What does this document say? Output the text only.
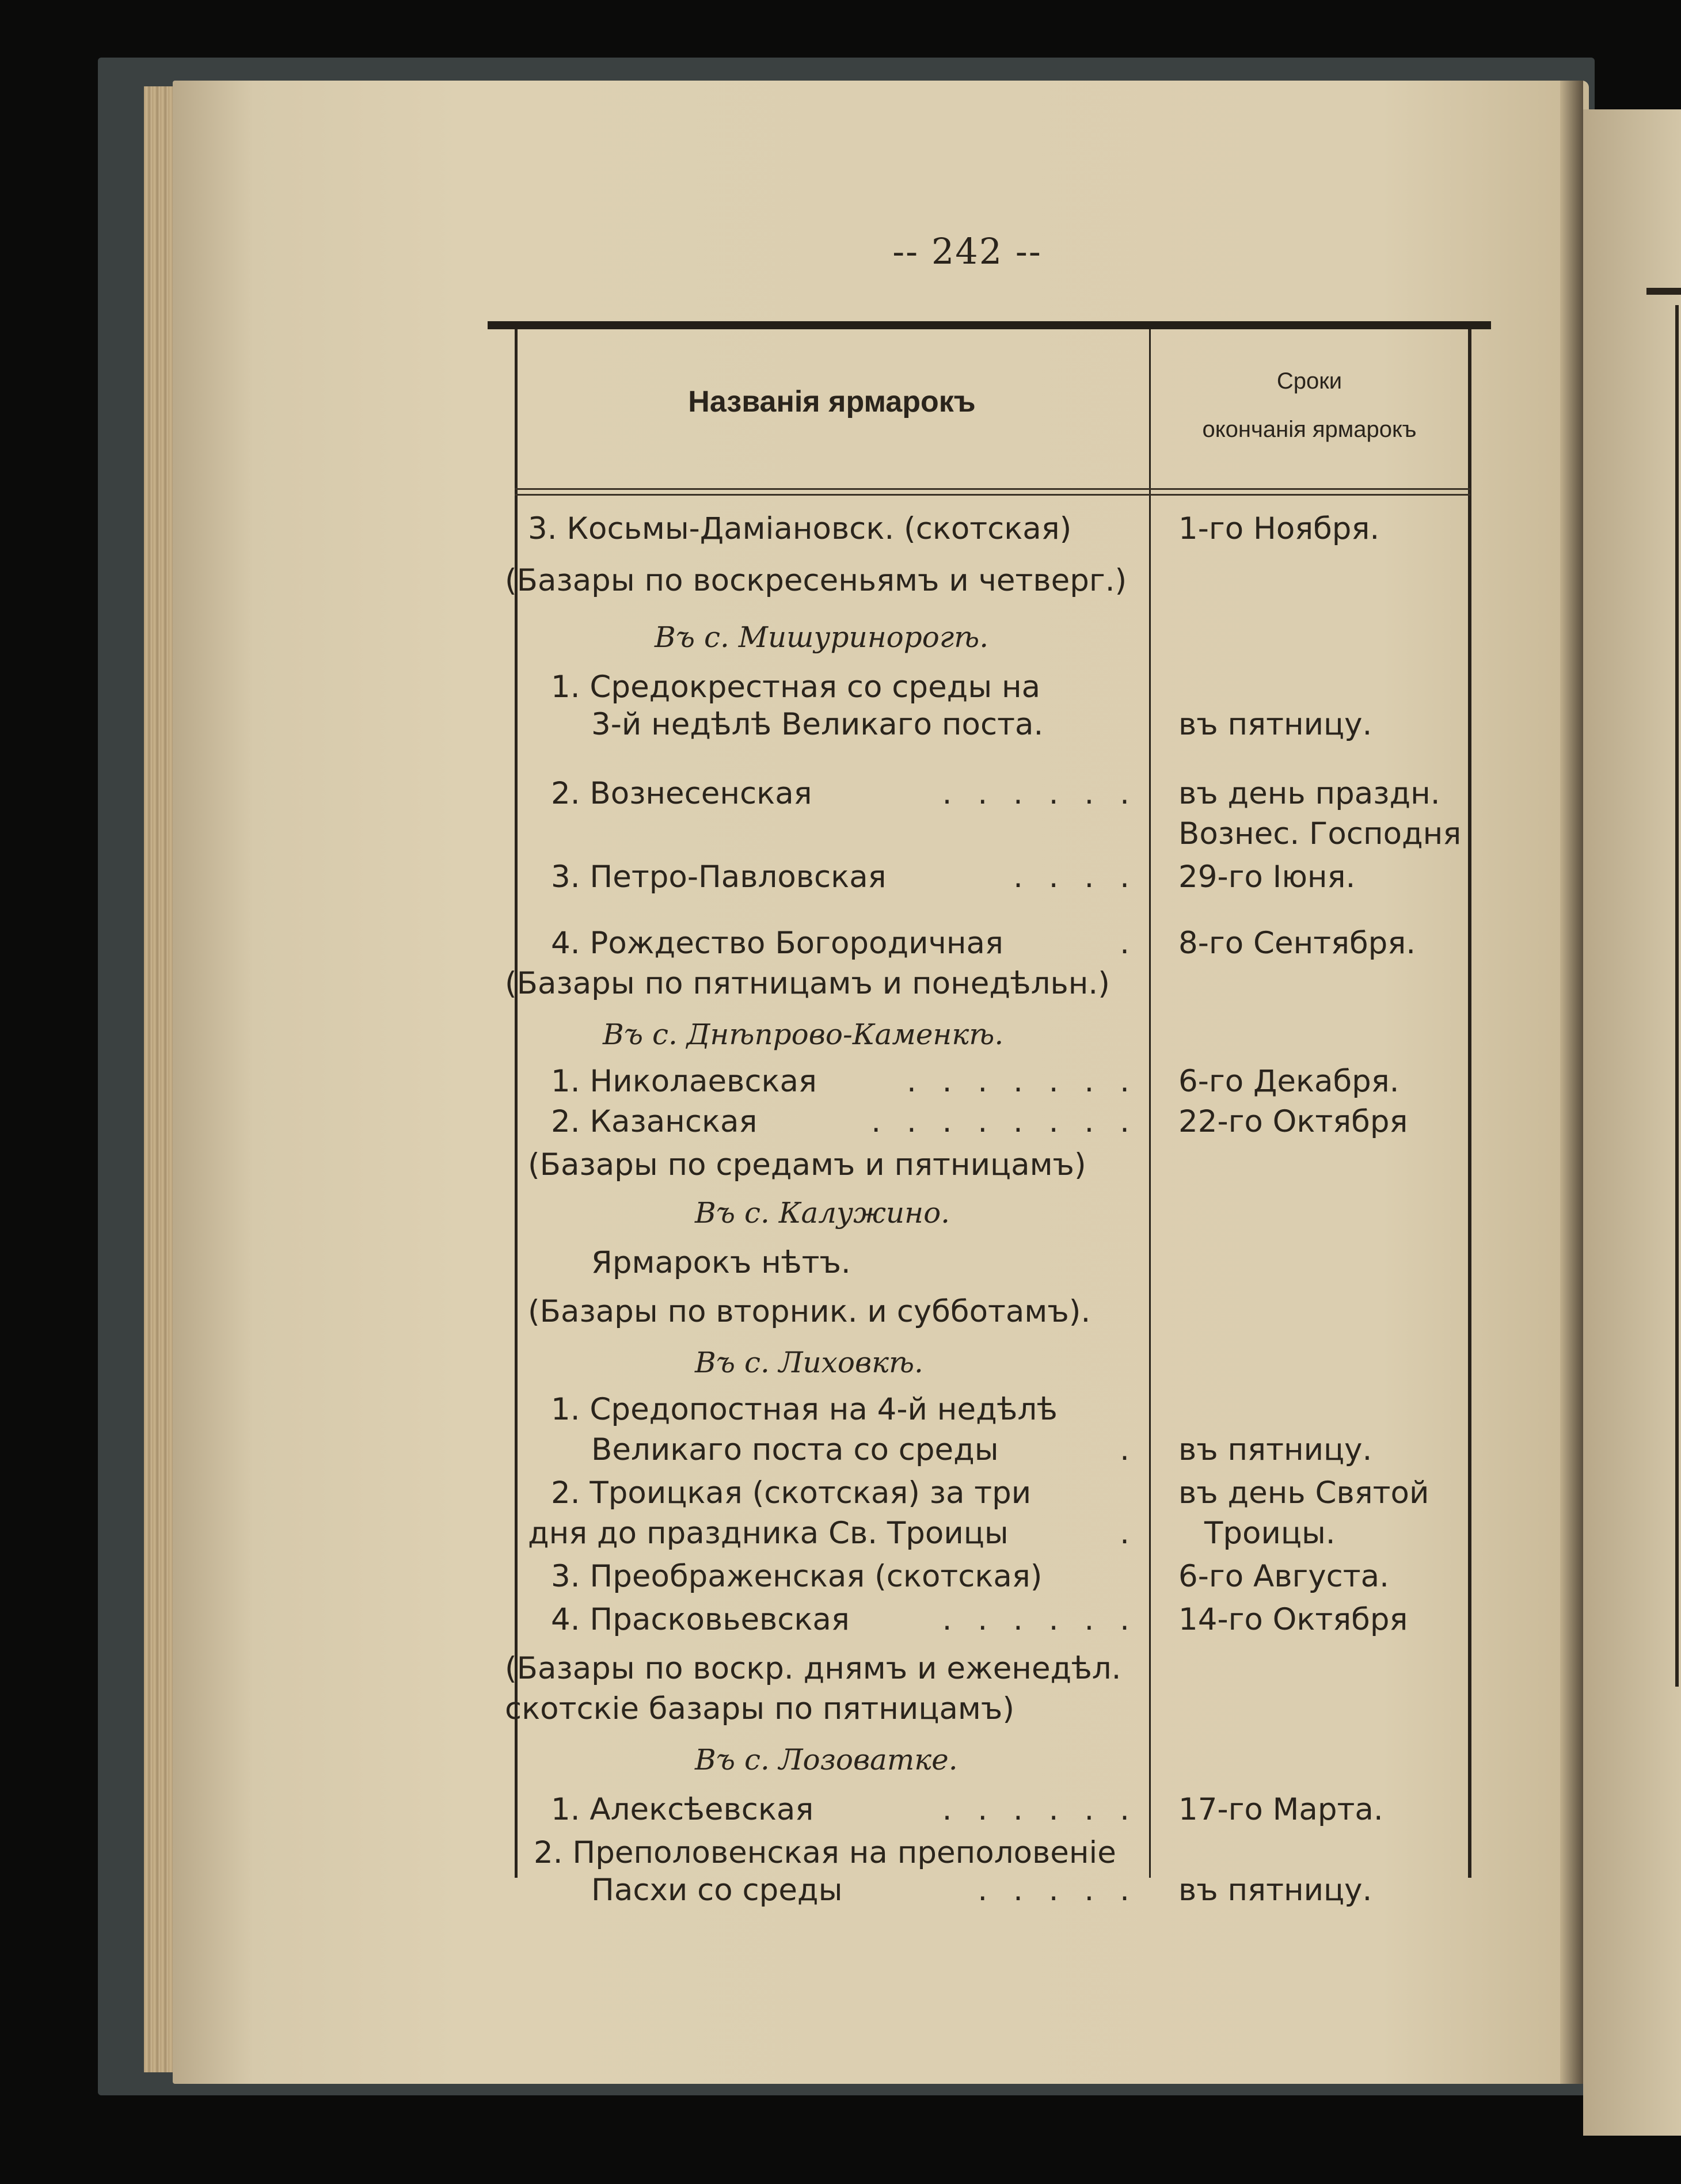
-- 242 --
Названія ярмарокъ
Сроки
окончанія ярмарокъ
3. Косьмы-Даміановск. (скотская)	1-го Ноября.
(Базары по воскресеньямъ и четверг.)
Въ с. Мишуринорогѣ.
1. Средокрестная со среды на
3-й недѣлѣ Великаго поста.	въ пятницу.
2. Вознесенская	. . . . . . въ день праздн.
Вознес. Господня
3. Петро-Павловская	. . . . 29-го Іюня.
4. Рождество Богородичная	. 8-го Сентября.
(Базары по пятницамъ и понедѣльн.)
Въ с. Днѣпрово-Каменкѣ.
1. Николаевская	. . . . . . . 6-го Декабря.
2. Казанская	. . . . . . . . 22-го Октября
(Базары по средамъ и пятницамъ)
Въ с. Калужино.
Ярмарокъ нѣтъ.
(Базары по вторник. и субботамъ).
Въ с. Лиховкѣ.
1. Средопостная на 4-й недѣлѣ
Великаго поста со среды	. въ пятницу.
2. Троицкая (скотская) за три	въ день Святой
дня до праздника Св. Троицы	. Троицы.
3. Преображенская (скотская)	6-го Августа.
4. Прасковьевская	. . . . . . 14-го Октября
(Базары по воскр. днямъ и еженедѣл.
скотскіе базары по пятницамъ)
Въ с. Лозоватке.
1. Алексѣевская	. . . . . . 17-го Марта.
2. Преполовенская на преполовеніе
Пасхи со среды	. . . . . въ пятницу.
